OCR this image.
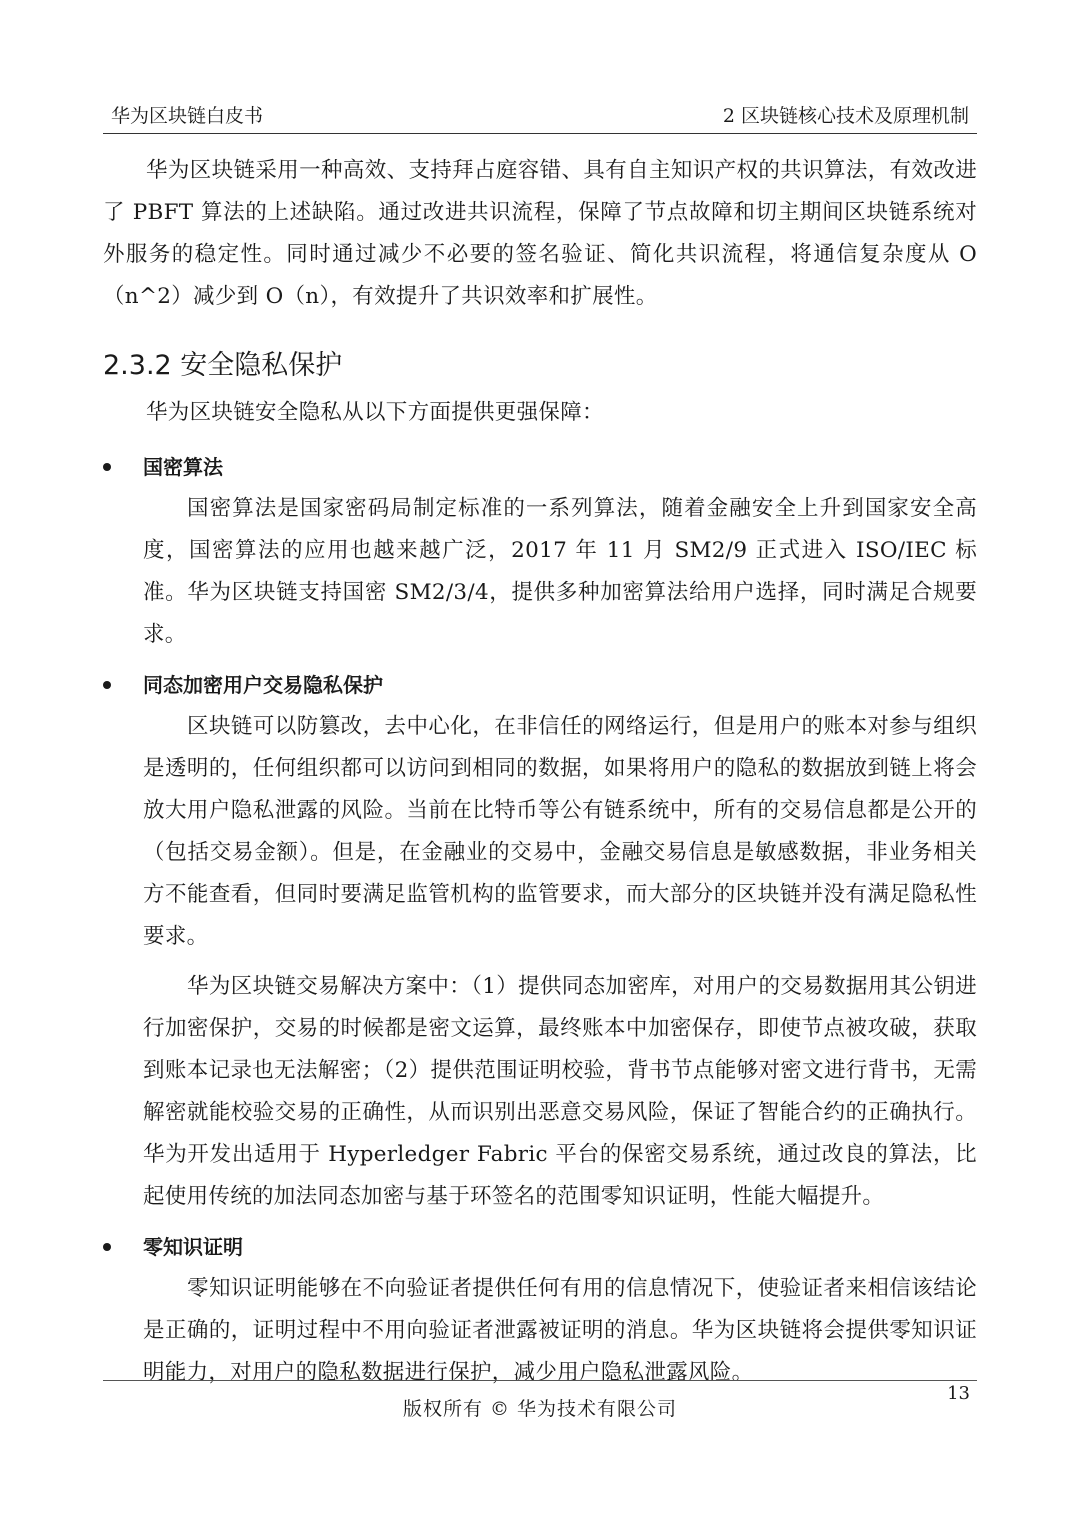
华为区块链白皮书	2 区块链核心技术及原理机制

华为区块链采用一种高效、支持拜占庭容错、具有自主知识产权的共识算法，有效改进了 PBFT 算法的上述缺陷。通过改进共识流程，保障了节点故障和切主期间区块链系统对外服务的稳定性。同时通过减少不必要的签名验证、简化共识流程，将通信复杂度从 O（n^2）减少到 O（n），有效提升了共识效率和扩展性。

2.3.2 安全隐私保护

华为区块链安全隐私从以下方面提供更强保障：

国密算法

国密算法是国家密码局制定标准的一系列算法，随着金融安全上升到国家安全高度，国密算法的应用也越来越广泛，2017 年 11 月 SM2/9 正式进入 ISO/IEC 标准。华为区块链支持国密 SM2/3/4，提供多种加密算法给用户选择，同时满足合规要求。

同态加密用户交易隐私保护

区块链可以防篡改，去中心化，在非信任的网络运行，但是用户的账本对参与组织是透明的，任何组织都可以访问到相同的数据，如果将用户的隐私的数据放到链上将会放大用户隐私泄露的风险。当前在比特币等公有链系统中，所有的交易信息都是公开的（包括交易金额）。但是，在金融业的交易中，金融交易信息是敏感数据，非业务相关方不能查看，但同时要满足监管机构的监管要求，而大部分的区块链并没有满足隐私性要求。

华为区块链交易解决方案中：（1）提供同态加密库，对用户的交易数据用其公钥进行加密保护，交易的时候都是密文运算，最终账本中加密保存，即使节点被攻破，获取到账本记录也无法解密；（2）提供范围证明校验，背书节点能够对密文进行背书，无需解密就能校验交易的正确性，从而识别出恶意交易风险，保证了智能合约的正确执行。华为开发出适用于 Hyperledger Fabric 平台的保密交易系统，通过改良的算法，比起使用传统的加法同态加密与基于环签名的范围零知识证明，性能大幅提升。

零知识证明

零知识证明能够在不向验证者提供任何有用的信息情况下，使验证者来相信该结论是正确的，证明过程中不用向验证者泄露被证明的消息。华为区块链将会提供零知识证明能力，对用户的隐私数据进行保护，减少用户隐私泄露风险。

13
版权所有 © 华为技术有限公司
